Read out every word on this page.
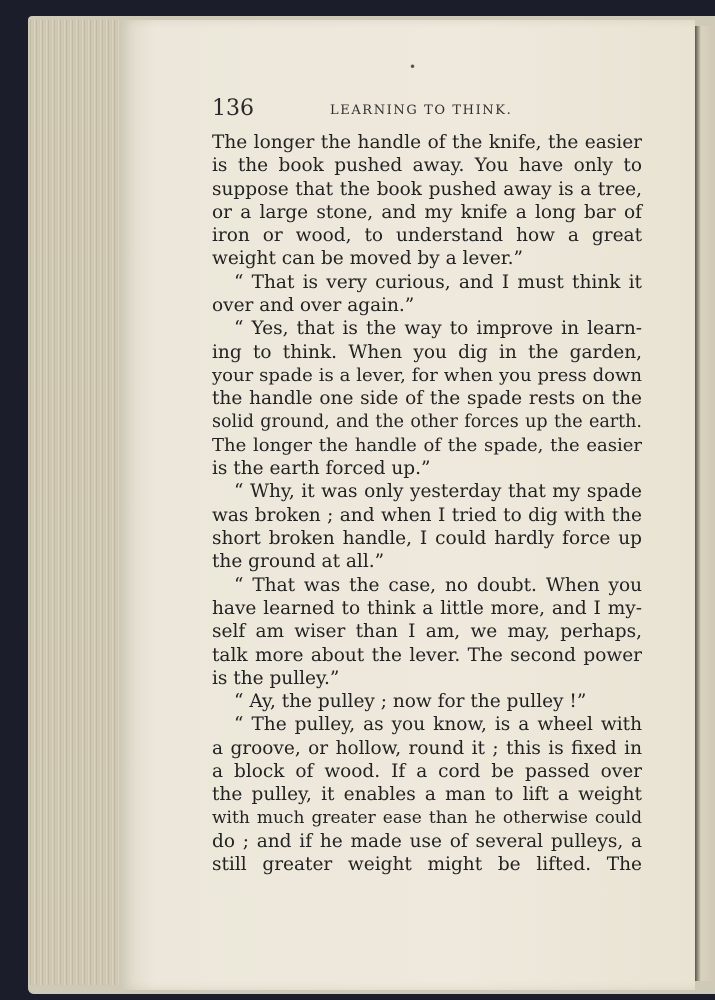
•
136	LEARNING TO THINK.
The longer the handle of the knife, the easier
is the book pushed away. You have only to
suppose that the book pushed away is a tree,
or a large stone, and my knife a long bar of
iron or wood, to understand how a great
weight can be moved by a lever.”
“ That is very curious, and I must think it
over and over again.”
“ Yes, that is the way to improve in learn-
ing to think. When you dig in the garden,
your spade is a lever, for when you press down
the handle one side of the spade rests on the
solid ground, and the other forces up the earth.
The longer the handle of the spade, the easier
is the earth forced up.”
“ Why, it was only yesterday that my spade
was broken ; and when I tried to dig with the
short broken handle, I could hardly force up
the ground at all.”
“ That was the case, no doubt. When you
have learned to think a little more, and I my-
self am wiser than I am, we may, perhaps,
talk more about the lever. The second power
is the pulley.”
“ Ay, the pulley ; now for the pulley !”
“ The pulley, as you know, is a wheel with
a groove, or hollow, round it ; this is fixed in
a block of wood. If a cord be passed over
the pulley, it enables a man to lift a weight
with much greater ease than he otherwise could
do ; and if he made use of several pulleys, a
still greater weight might be lifted. The
